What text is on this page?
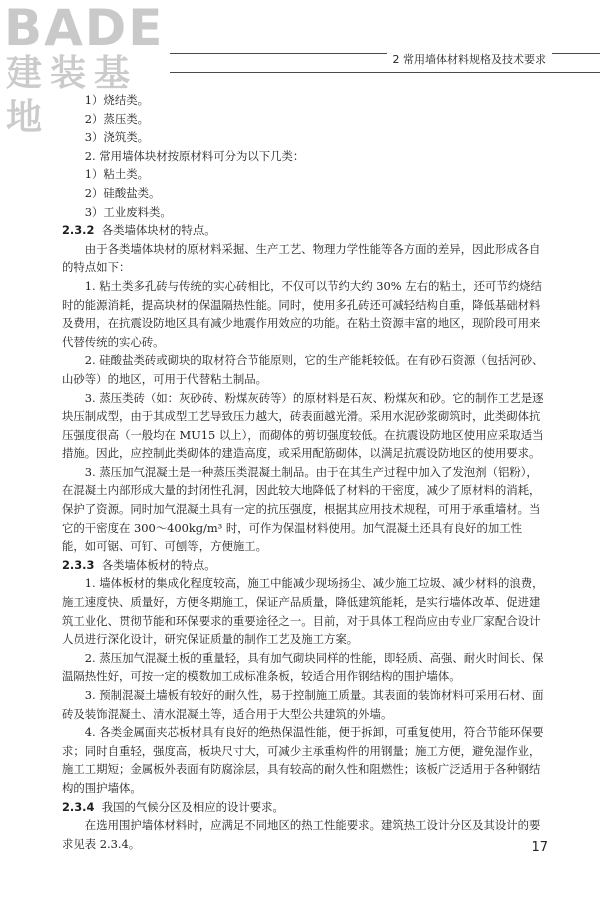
BADE
建装基地
2 常用墙体材料规格及技术要求

1）烧结类。

2）蒸压类。

3）浇筑类。

2. 常用墙体块材按原材料可分为以下几类：

1）粘土类。

2）硅酸盐类。

3）工业废料类。

2.3.2 各类墙体块材的特点。

由于各类墙体块材的原材料采掘、生产工艺、物理力学性能等各方面的差异，因此形成各自的特点如下：

1. 粘土类多孔砖与传统的实心砖相比，不仅可以节约大约 30% 左右的粘土，还可节约烧结时的能源消耗，提高块材的保温隔热性能。同时，使用多孔砖还可减轻结构自重，降低基础材料及费用，在抗震设防地区具有减少地震作用效应的功能。在粘土资源丰富的地区，现阶段可用来代替传统的实心砖。

2. 硅酸盐类砖或砌块的取材符合节能原则，它的生产能耗较低。在有砂石资源（包括河砂、山砂等）的地区，可用于代替粘土制品。

3. 蒸压类砖（如：灰砂砖、粉煤灰砖等）的原材料是石灰、粉煤灰和砂。它的制作工艺是逐块压制成型，由于其成型工艺导致压力越大，砖表面越光滑。采用水泥砂浆砌筑时，此类砌体抗压强度很高（一般均在 MU15 以上），而砌体的剪切强度较低。在抗震设防地区使用应采取适当措施。因此，应控制此类砌体的建造高度，或采用配筋砌体，以满足抗震设防地区的使用要求。

3. 蒸压加气混凝土是一种蒸压类混凝土制品。由于在其生产过程中加入了发泡剂（铝粉），在混凝土内部形成大量的封闭性孔洞，因此较大地降低了材料的干密度，减少了原材料的消耗，保护了资源。同时加气混凝土具有一定的抗压强度，根据其应用技术规程，可用于承重墙材。当它的干密度在 300～400kg/m³ 时，可作为保温材料使用。加气混凝土还具有良好的加工性能，如可锯、可钉、可刨等，方便施工。

2.3.3 各类墙体板材的特点。

1. 墙体板材的集成化程度较高，施工中能减少现场扬尘、减少施工垃圾、减少材料的浪费，施工速度快、质量好，方便冬期施工，保证产品质量，降低建筑能耗，是实行墙体改革、促进建筑工业化、贯彻节能和环保要求的重要途径之一。目前，对于具体工程尚应由专业厂家配合设计人员进行深化设计，研究保证质量的制作工艺及施工方案。

2. 蒸压加气混凝土板的重量轻，具有加气砌块同样的性能，即轻质、高强、耐火时间长、保温隔热性好，可按一定的模数加工成标准条板，较适合用作钢结构的围护墙体。

3. 预制混凝土墙板有较好的耐久性，易于控制施工质量。其表面的装饰材料可采用石材、面砖及装饰混凝土、清水混凝土等，适合用于大型公共建筑的外墙。

4. 各类金属面夹芯板材具有良好的绝热保温性能，便于拆卸，可重复使用，符合节能环保要求；同时自重轻，强度高，板块尺寸大，可减少主承重构件的用钢量；施工方便，避免湿作业，施工工期短；金属板外表面有防腐涂层，具有较高的耐久性和阻燃性；该板广泛适用于各种钢结构的围护墙体。

2.3.4 我国的气候分区及相应的设计要求。

在选用围护墙体材料时，应满足不同地区的热工性能要求。建筑热工设计分区及其设计的要求见表 2.3.4。	17
